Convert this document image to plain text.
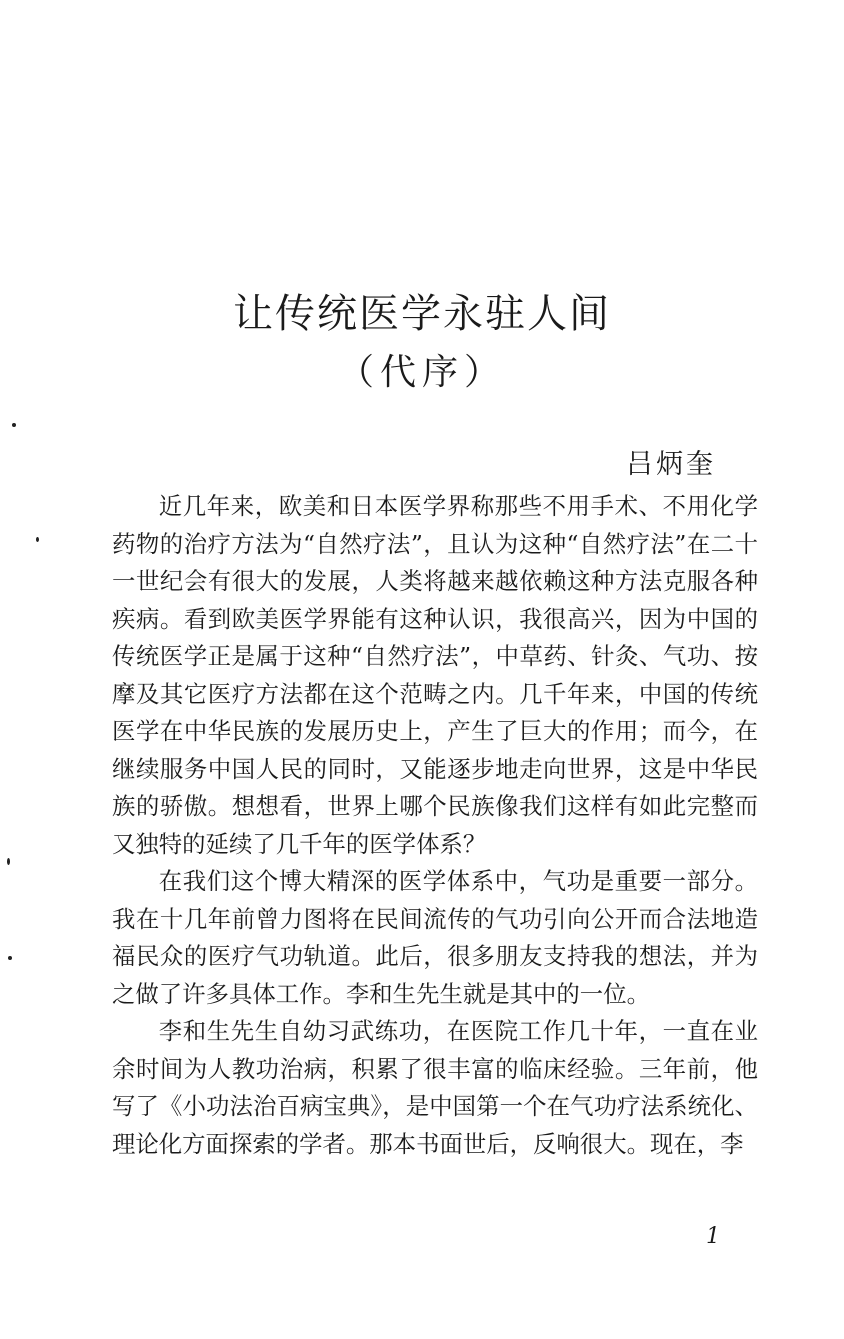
让传统医学永驻人间
（代序）
吕炳奎

近几年来，欧美和日本医学界称那些不用手术、不用化学药物的治疗方法为“自然疗法”，且认为这种“自然疗法”在二十一世纪会有很大的发展，人类将越来越依赖这种方法克服各种疾病。看到欧美医学界能有这种认识，我很高兴，因为中国的传统医学正是属于这种“自然疗法”，中草药、针灸、气功、按摩及其它医疗方法都在这个范畴之内。几千年来，中国的传统医学在中华民族的发展历史上，产生了巨大的作用；而今，在继续服务中国人民的同时，又能逐步地走向世界，这是中华民族的骄傲。想想看，世界上哪个民族像我们这样有如此完整而又独特的延续了几千年的医学体系？

在我们这个博大精深的医学体系中，气功是重要一部分。我在十几年前曾力图将在民间流传的气功引向公开而合法地造福民众的医疗气功轨道。此后，很多朋友支持我的想法，并为之做了许多具体工作。李和生先生就是其中的一位。

李和生先生自幼习武练功，在医院工作几十年，一直在业余时间为人教功治病，积累了很丰富的临床经验。三年前，他写了《小功法治百病宝典》，是中国第一个在气功疗法系统化、理论化方面探索的学者。那本书面世后，反响很大。现在，李

1
